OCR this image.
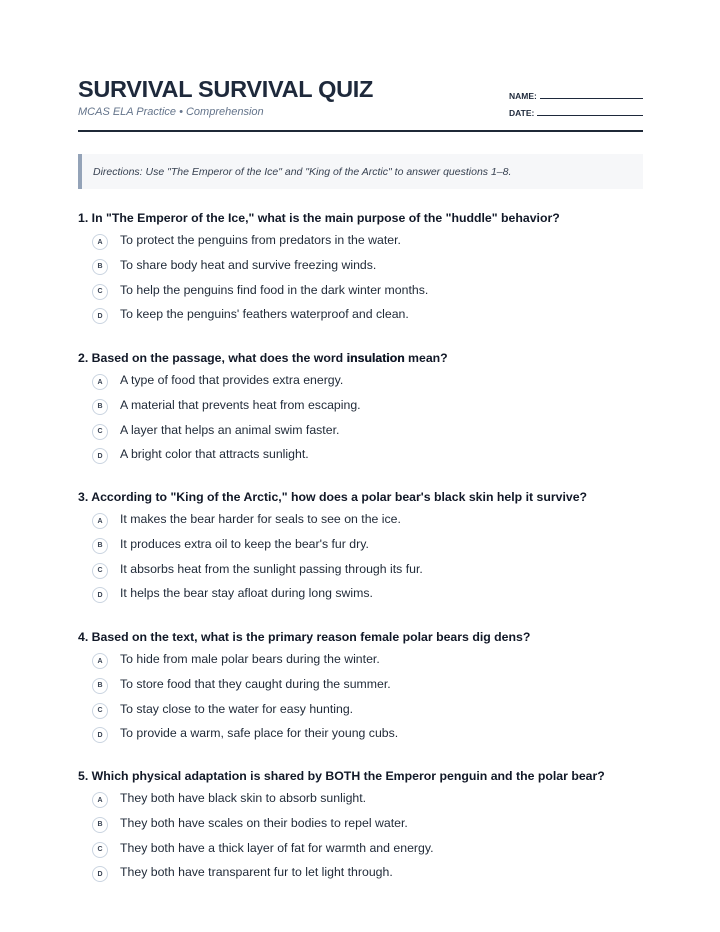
SURVIVAL SURVIVAL QUIZ
MCAS ELA Practice • Comprehension
NAME:
DATE:
Directions: Use "The Emperor of the Ice" and "King of the Arctic" to answer questions 1–8.
1. In "The Emperor of the Ice," what is the main purpose of the "huddle" behavior?
A	To protect the penguins from predators in the water.
B	To share body heat and survive freezing winds.
C	To help the penguins find food in the dark winter months.
D	To keep the penguins' feathers waterproof and clean.
2. Based on the passage, what does the word insulation mean?
A	A type of food that provides extra energy.
B	A material that prevents heat from escaping.
C	A layer that helps an animal swim faster.
D	A bright color that attracts sunlight.
3. According to "King of the Arctic," how does a polar bear's black skin help it survive?
A	It makes the bear harder for seals to see on the ice.
B	It produces extra oil to keep the bear's fur dry.
C	It absorbs heat from the sunlight passing through its fur.
D	It helps the bear stay afloat during long swims.
4. Based on the text, what is the primary reason female polar bears dig dens?
A	To hide from male polar bears during the winter.
B	To store food that they caught during the summer.
C	To stay close to the water for easy hunting.
D	To provide a warm, safe place for their young cubs.
5. Which physical adaptation is shared by BOTH the Emperor penguin and the polar bear?
A	They both have black skin to absorb sunlight.
B	They both have scales on their bodies to repel water.
C	They both have a thick layer of fat for warmth and energy.
D	They both have transparent fur to let light through.
